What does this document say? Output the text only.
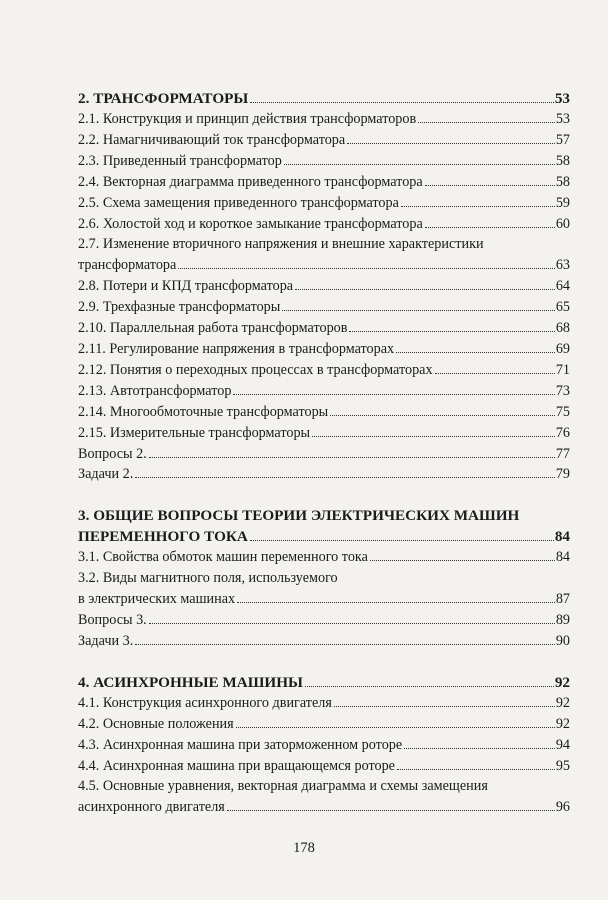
2. ТРАНСФОРМАТОРЫ	53
2.1. Конструкция и принцип действия трансформаторов	53
2.2. Намагничивающий ток трансформатора	57
2.3. Приведенный трансформатор	58
2.4. Векторная диаграмма приведенного трансформатора	58
2.5. Схема замещения приведенного трансформатора	59
2.6. Холостой ход и короткое замыкание трансформатора	60
2.7. Изменение вторичного напряжения и внешние характеристики
трансформатора	63
2.8. Потери и КПД трансформатора	64
2.9. Трехфазные трансформаторы	65
2.10. Параллельная работа трансформаторов	68
2.11. Регулирование напряжения в трансформаторах	69
2.12. Понятия о переходных процессах в трансформаторах	71
2.13. Автотрансформатор	73
2.14. Многообмоточные трансформаторы	75
2.15. Измерительные трансформаторы	76
Вопросы 2.	77
Задачи 2.	79
3. ОБЩИЕ ВОПРОСЫ ТЕОРИИ ЭЛЕКТРИЧЕСКИХ МАШИН
ПЕРЕМЕННОГО ТОКА	84
3.1. Свойства обмоток машин переменного тока	84
3.2. Виды магнитного поля, используемого
в электрических машинах	87
Вопросы 3.	89
Задачи 3.	90
4. АСИНХРОННЫЕ МАШИНЫ	92
4.1. Конструкция асинхронного двигателя	92
4.2. Основные положения	92
4.3. Асинхронная машина при заторможенном роторе	94
4.4. Асинхронная машина при вращающемся роторе	95
4.5. Основные уравнения, векторная диаграмма и схемы замещения
асинхронного двигателя	96
178
